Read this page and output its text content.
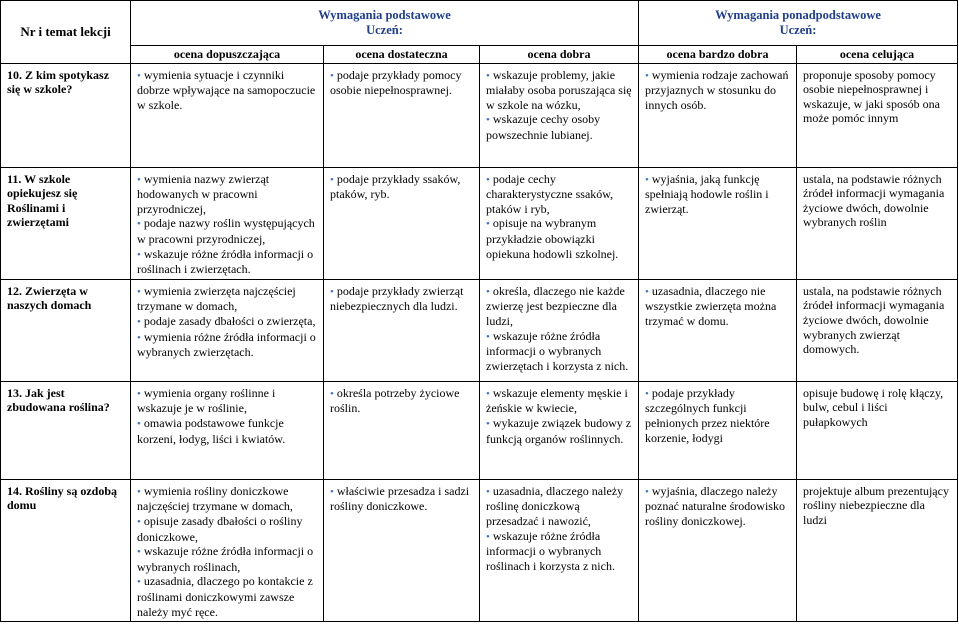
Nr i temat lekcji	Wymagania podstawowe
Uczeń:			Wymagania ponadpodstawowe
Uczeń:	
	ocena dopuszczająca	ocena dostateczna	ocena dobra	ocena bardzo dobra	ocena celująca
10. Z kim spotykasz się w szkole?	• wymienia sytuacje i czynniki dobrze wpływające na samopoczucie w szkole.	• podaje przykłady pomocy osobie niepełnosprawnej.	• wskazuje problemy, jakie miałaby osoba poruszająca się w szkole na wózku,
• wskazuje cechy osoby powszechnie lubianej.	• wymienia rodzaje zachowań przyjaznych w stosunku do innych osób.	proponuje sposoby pomocy osobie niepełnosprawnej i wskazuje, w jaki sposób ona może pomóc innym

11. W szkole opiekujesz się Roślinami i zwierzętami	• wymienia nazwy zwierząt hodowanych w pracowni przyrodniczej,
• podaje nazwy roślin występujących w pracowni przyrodniczej,
• wskazuje różne źródła informacji o roślinach i zwierzętach.	• podaje przykłady ssaków, ptaków, ryb.	• podaje cechy charakterystyczne ssaków, ptaków i ryb,
• opisuje na wybranym przykładzie obowiązki opiekuna hodowli szkolnej.	• wyjaśnia, jaką funkcję spełniają hodowle roślin i zwierząt.	ustala, na podstawie różnych źródeł informacji wymagania życiowe dwóch, dowolnie wybranych roślin

12. Zwierzęta w naszych domach	• wymienia zwierzęta najczęściej trzymane w domach,
• podaje zasady dbałości o zwierzęta,
• wymienia różne źródła informacji o wybranych zwierzętach.	• podaje przykłady zwierząt niebezpiecznych dla ludzi.	• określa, dlaczego nie każde zwierzę jest bezpieczne dla ludzi,
• wskazuje różne źródła informacji o wybranych zwierzętach i korzysta z nich.	• uzasadnia, dlaczego nie wszystkie zwierzęta można trzymać w domu.	ustala, na podstawie różnych źródeł informacji wymagania życiowe dwóch, dowolnie wybranych zwierząt domowych.

13. Jak jest zbudowana roślina?	• wymienia organy roślinne i wskazuje je w roślinie,
• omawia podstawowe funkcje korzeni, łodyg, liści i kwiatów.	• określa potrzeby życiowe roślin.	• wskazuje elementy męskie i żeńskie w kwiecie,
• wykazuje związek budowy z funkcją organów roślinnych.	• podaje przykłady szczególnych funkcji pełnionych przez niektóre korzenie, łodygi	opisuje budowę i rolę kłączy, bulw, cebul i liści pułapkowych

14. Rośliny są ozdobą domu	• wymienia rośliny doniczkowe najczęściej trzymane w domach,
• opisuje zasady dbałości o rośliny doniczkowe,
• wskazuje różne źródła informacji o wybranych roślinach,
• uzasadnia, dlaczego po kontakcie z roślinami doniczkowymi zawsze należy myć ręce.	• właściwie przesadza i sadzi rośliny doniczkowe.	• uzasadnia, dlaczego należy roślinę doniczkową przesadzać i nawozić,
• wskazuje różne źródła informacji o wybranych roślinach i korzysta z nich.	• wyjaśnia, dlaczego należy poznać naturalne środowisko rośliny doniczkowej.	projektuje album prezentujący rośliny niebezpieczne dla ludzi
